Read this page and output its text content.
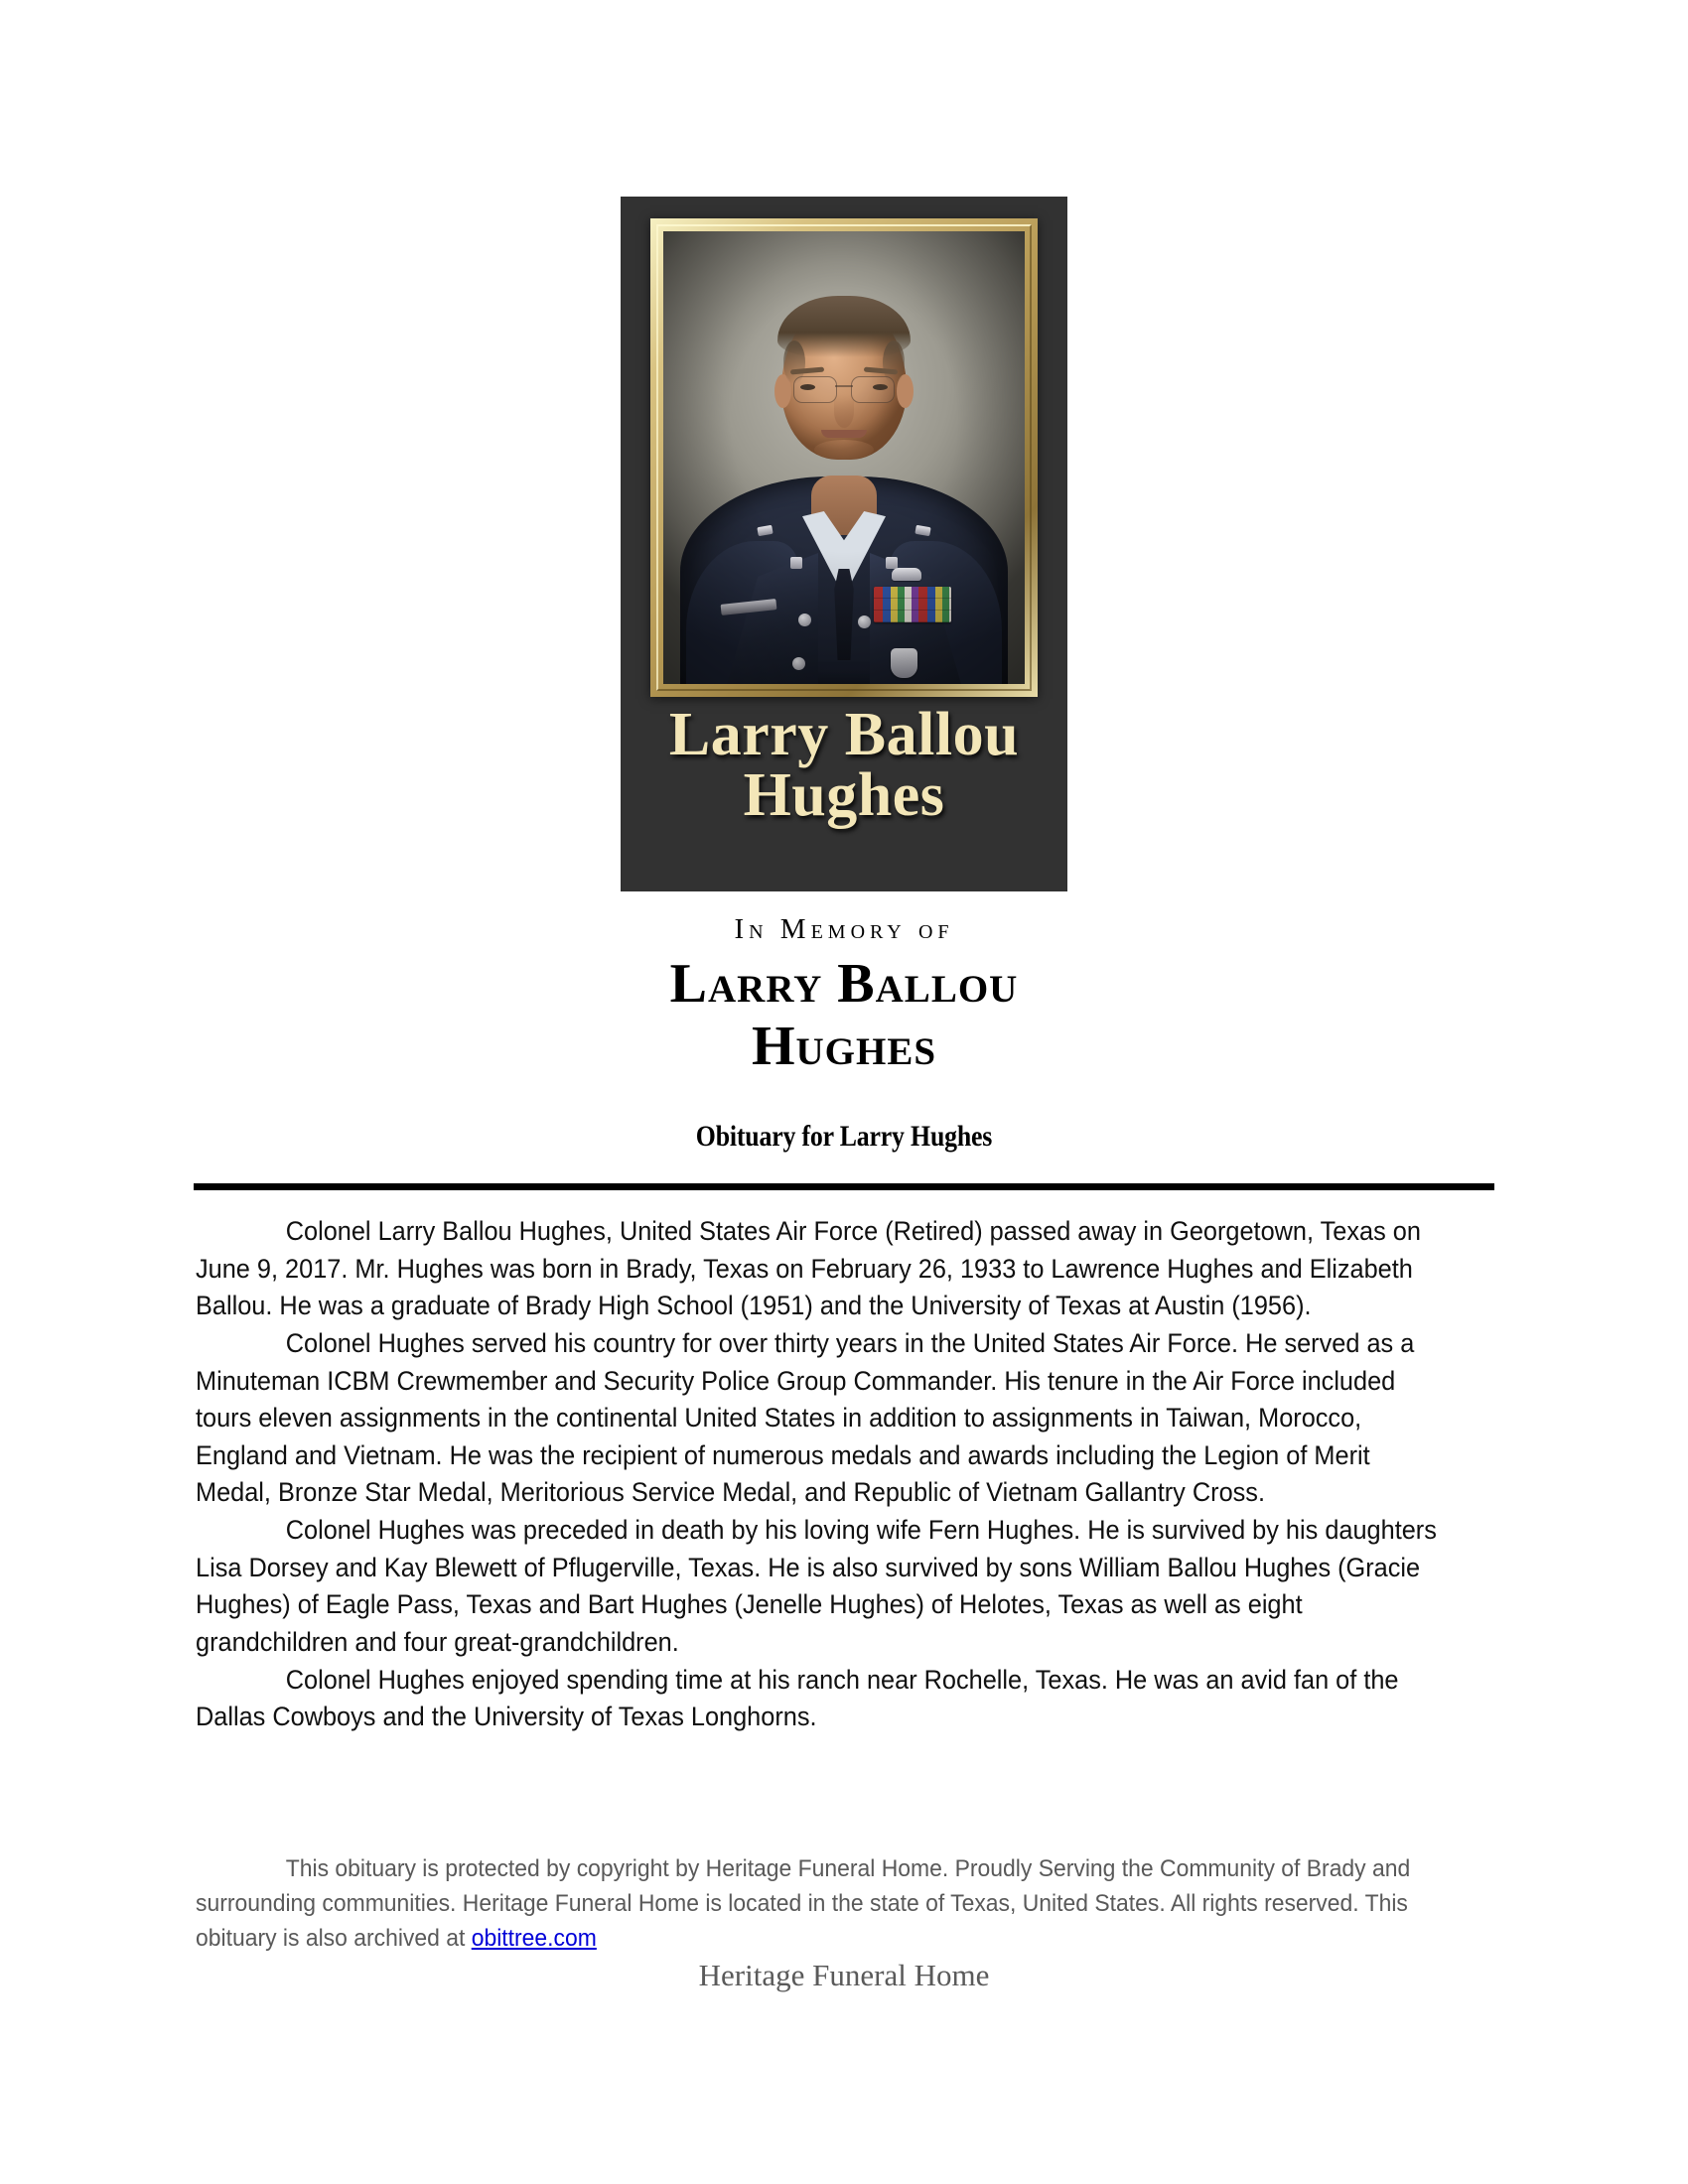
Larry Ballou
Hughes
In Memory of
Larry Ballou
Hughes
Obituary for Larry Hughes

Colonel Larry Ballou Hughes, United States Air Force (Retired) passed away in Georgetown, Texas on June 9, 2017. Mr. Hughes was born in Brady, Texas on February 26, 1933 to Lawrence Hughes and Elizabeth Ballou. He was a graduate of Brady High School (1951) and the University of Texas at Austin (1956).

Colonel Hughes served his country for over thirty years in the United States Air Force. He served as a Minuteman ICBM Crewmember and Security Police Group Commander. His tenure in the Air Force included tours eleven assignments in the continental United States in addition to assignments in Taiwan, Morocco, England and Vietnam. He was the recipient of numerous medals and awards including the Legion of Merit Medal, Bronze Star Medal, Meritorious Service Medal, and Republic of Vietnam Gallantry Cross.

Colonel Hughes was preceded in death by his loving wife Fern Hughes. He is survived by his daughters Lisa Dorsey and Kay Blewett of Pflugerville, Texas. He is also survived by sons William Ballou Hughes (Gracie Hughes) of Eagle Pass, Texas and Bart Hughes (Jenelle Hughes) of Helotes, Texas as well as eight grandchildren and four great-grandchildren.

Colonel Hughes enjoyed spending time at his ranch near Rochelle, Texas. He was an avid fan of the Dallas Cowboys and the University of Texas Longhorns.

This obituary is protected by copyright by Heritage Funeral Home. Proudly Serving the Community of Brady and surrounding communities. Heritage Funeral Home is located in the state of Texas, United States. All rights reserved. This obituary is also archived at obittree.com

Heritage Funeral Home
